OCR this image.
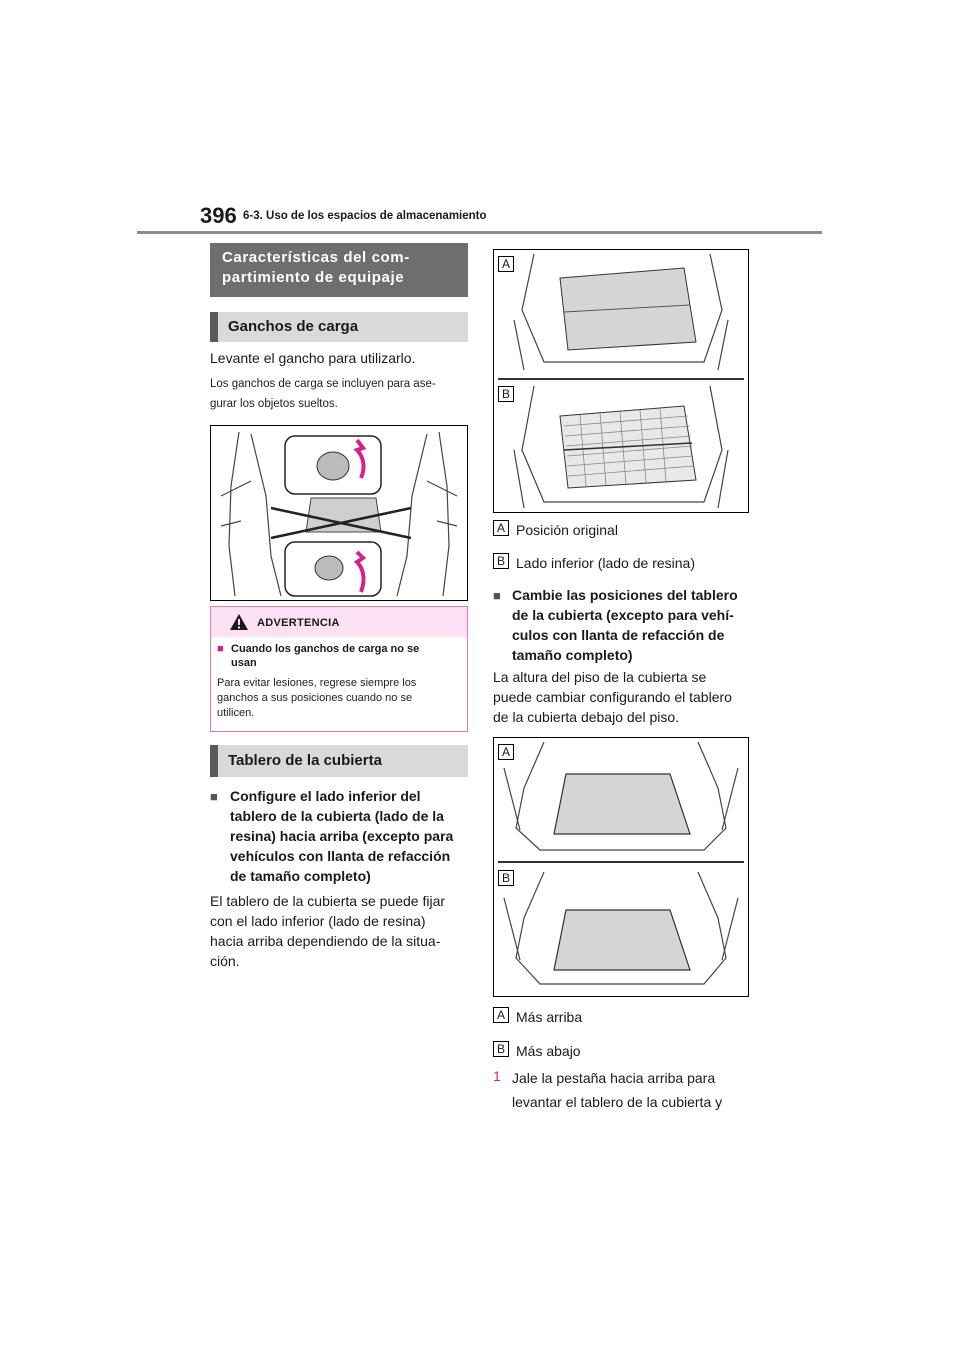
396 6-3. Uso de los espacios de almacenamiento
Características del com-
partimiento de equipaje
Ganchos de carga
Levante el gancho para utilizarlo.
Los ganchos de carga se incluyen para ase-
gurar los objetos sueltos.
ADVERTENCIA
■ Cuando los ganchos de carga no se
usan
Para evitar lesiones, regrese siempre los
ganchos a sus posiciones cuando no se
utilicen.
Tablero de la cubierta
■ Configure el lado inferior del
tablero de la cubierta (lado de la
resina) hacia arriba (excepto para
vehículos con llanta de refacción
de tamaño completo)
El tablero de la cubierta se puede fijar
con el lado inferior (lado de resina)
hacia arriba dependiendo de la situa-
ción.
A
B
A Posición original
B Lado inferior (lado de resina)
■ Cambie las posiciones del tablero
de la cubierta (excepto para vehí-
culos con llanta de refacción de
tamaño completo)
La altura del piso de la cubierta se
puede cambiar configurando el tablero
de la cubierta debajo del piso.
A
B
A Más arriba
B Más abajo
1 Jale la pestaña hacia arriba para
levantar el tablero de la cubierta y
